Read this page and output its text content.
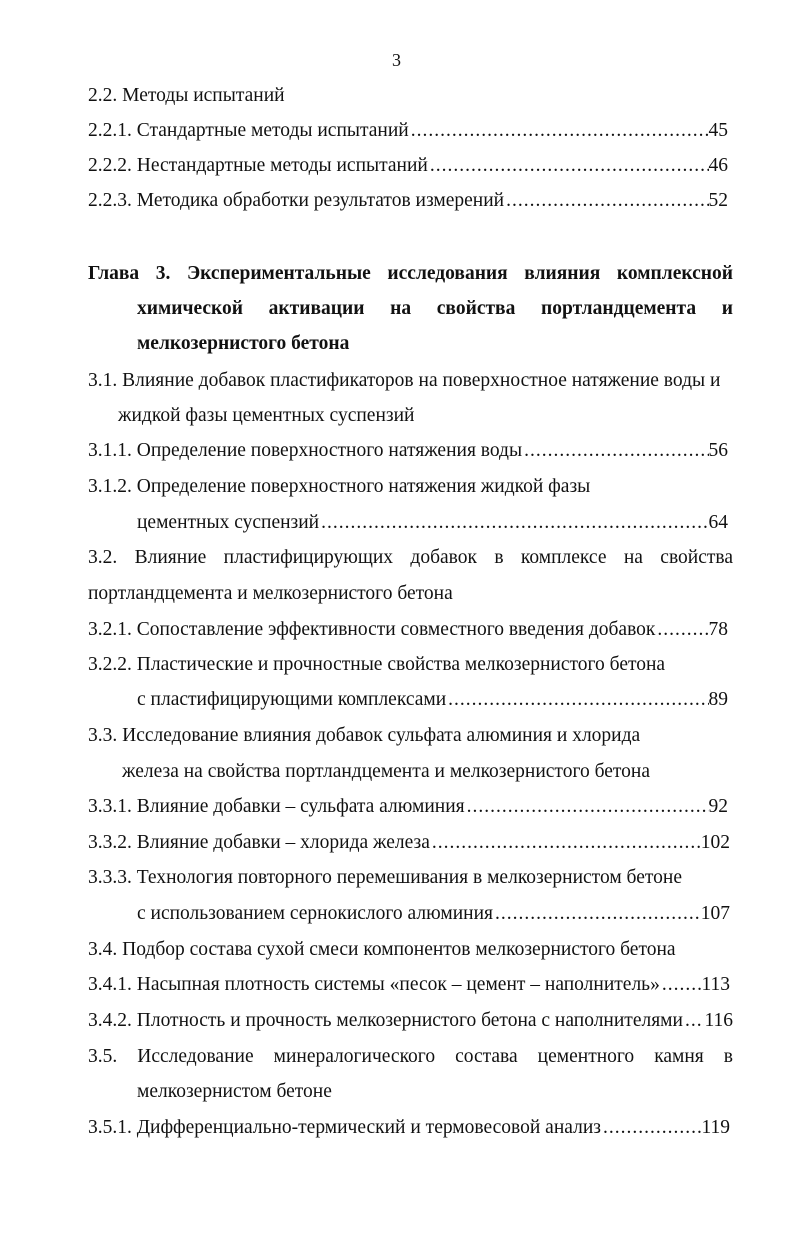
3
2.2. Методы испытаний
2.2.1. Стандартные методы испытаний .....	45
2.2.2. Нестандартные методы испытаний .....	46
2.2.3. Методика обработки результатов измерений .....	52
Глава 3. Экспериментальные исследования влияния комплексной
химической активации на свойства портландцемента и
мелкозернистого бетона
3.1. Влияние добавок пластификаторов на поверхностное натяжение воды и
жидкой фазы цементных суспензий
3.1.1. Определение поверхностного натяжения воды .....	56
3.1.2. Определение поверхностного натяжения жидкой фазы
цементных суспензий .....	64
3.2. Влияние пластифицирующих добавок в комплексе на свойства
портландцемента и мелкозернистого бетона
3.2.1. Сопоставление эффективности совместного введения добавок .....	78
3.2.2. Пластические и прочностные свойства мелкозернистого бетона
с пластифицирующими комплексами .....	89
3.3. Исследование влияния добавок сульфата алюминия и хлорида
железа на свойства портландцемента и мелкозернистого бетона
3.3.1. Влияние добавки – сульфата алюминия .....	92
3.3.2. Влияние добавки – хлорида железа .....	102
3.3.3. Технология повторного перемешивания в мелкозернистом бетоне
с использованием сернокислого алюминия .....	107
3.4. Подбор состава сухой смеси компонентов мелкозернистого бетона
3.4.1. Насыпная плотность системы «песок – цемент – наполнитель» ..... 113
3.4.2. Плотность и прочность мелкозернистого бетона с наполнителями ..... 116
3.5. Исследование минералогического состава цементного камня в
мелкозернистом бетоне
3.5.1. Дифференциально-термический и термовесовой анализ .....	119
